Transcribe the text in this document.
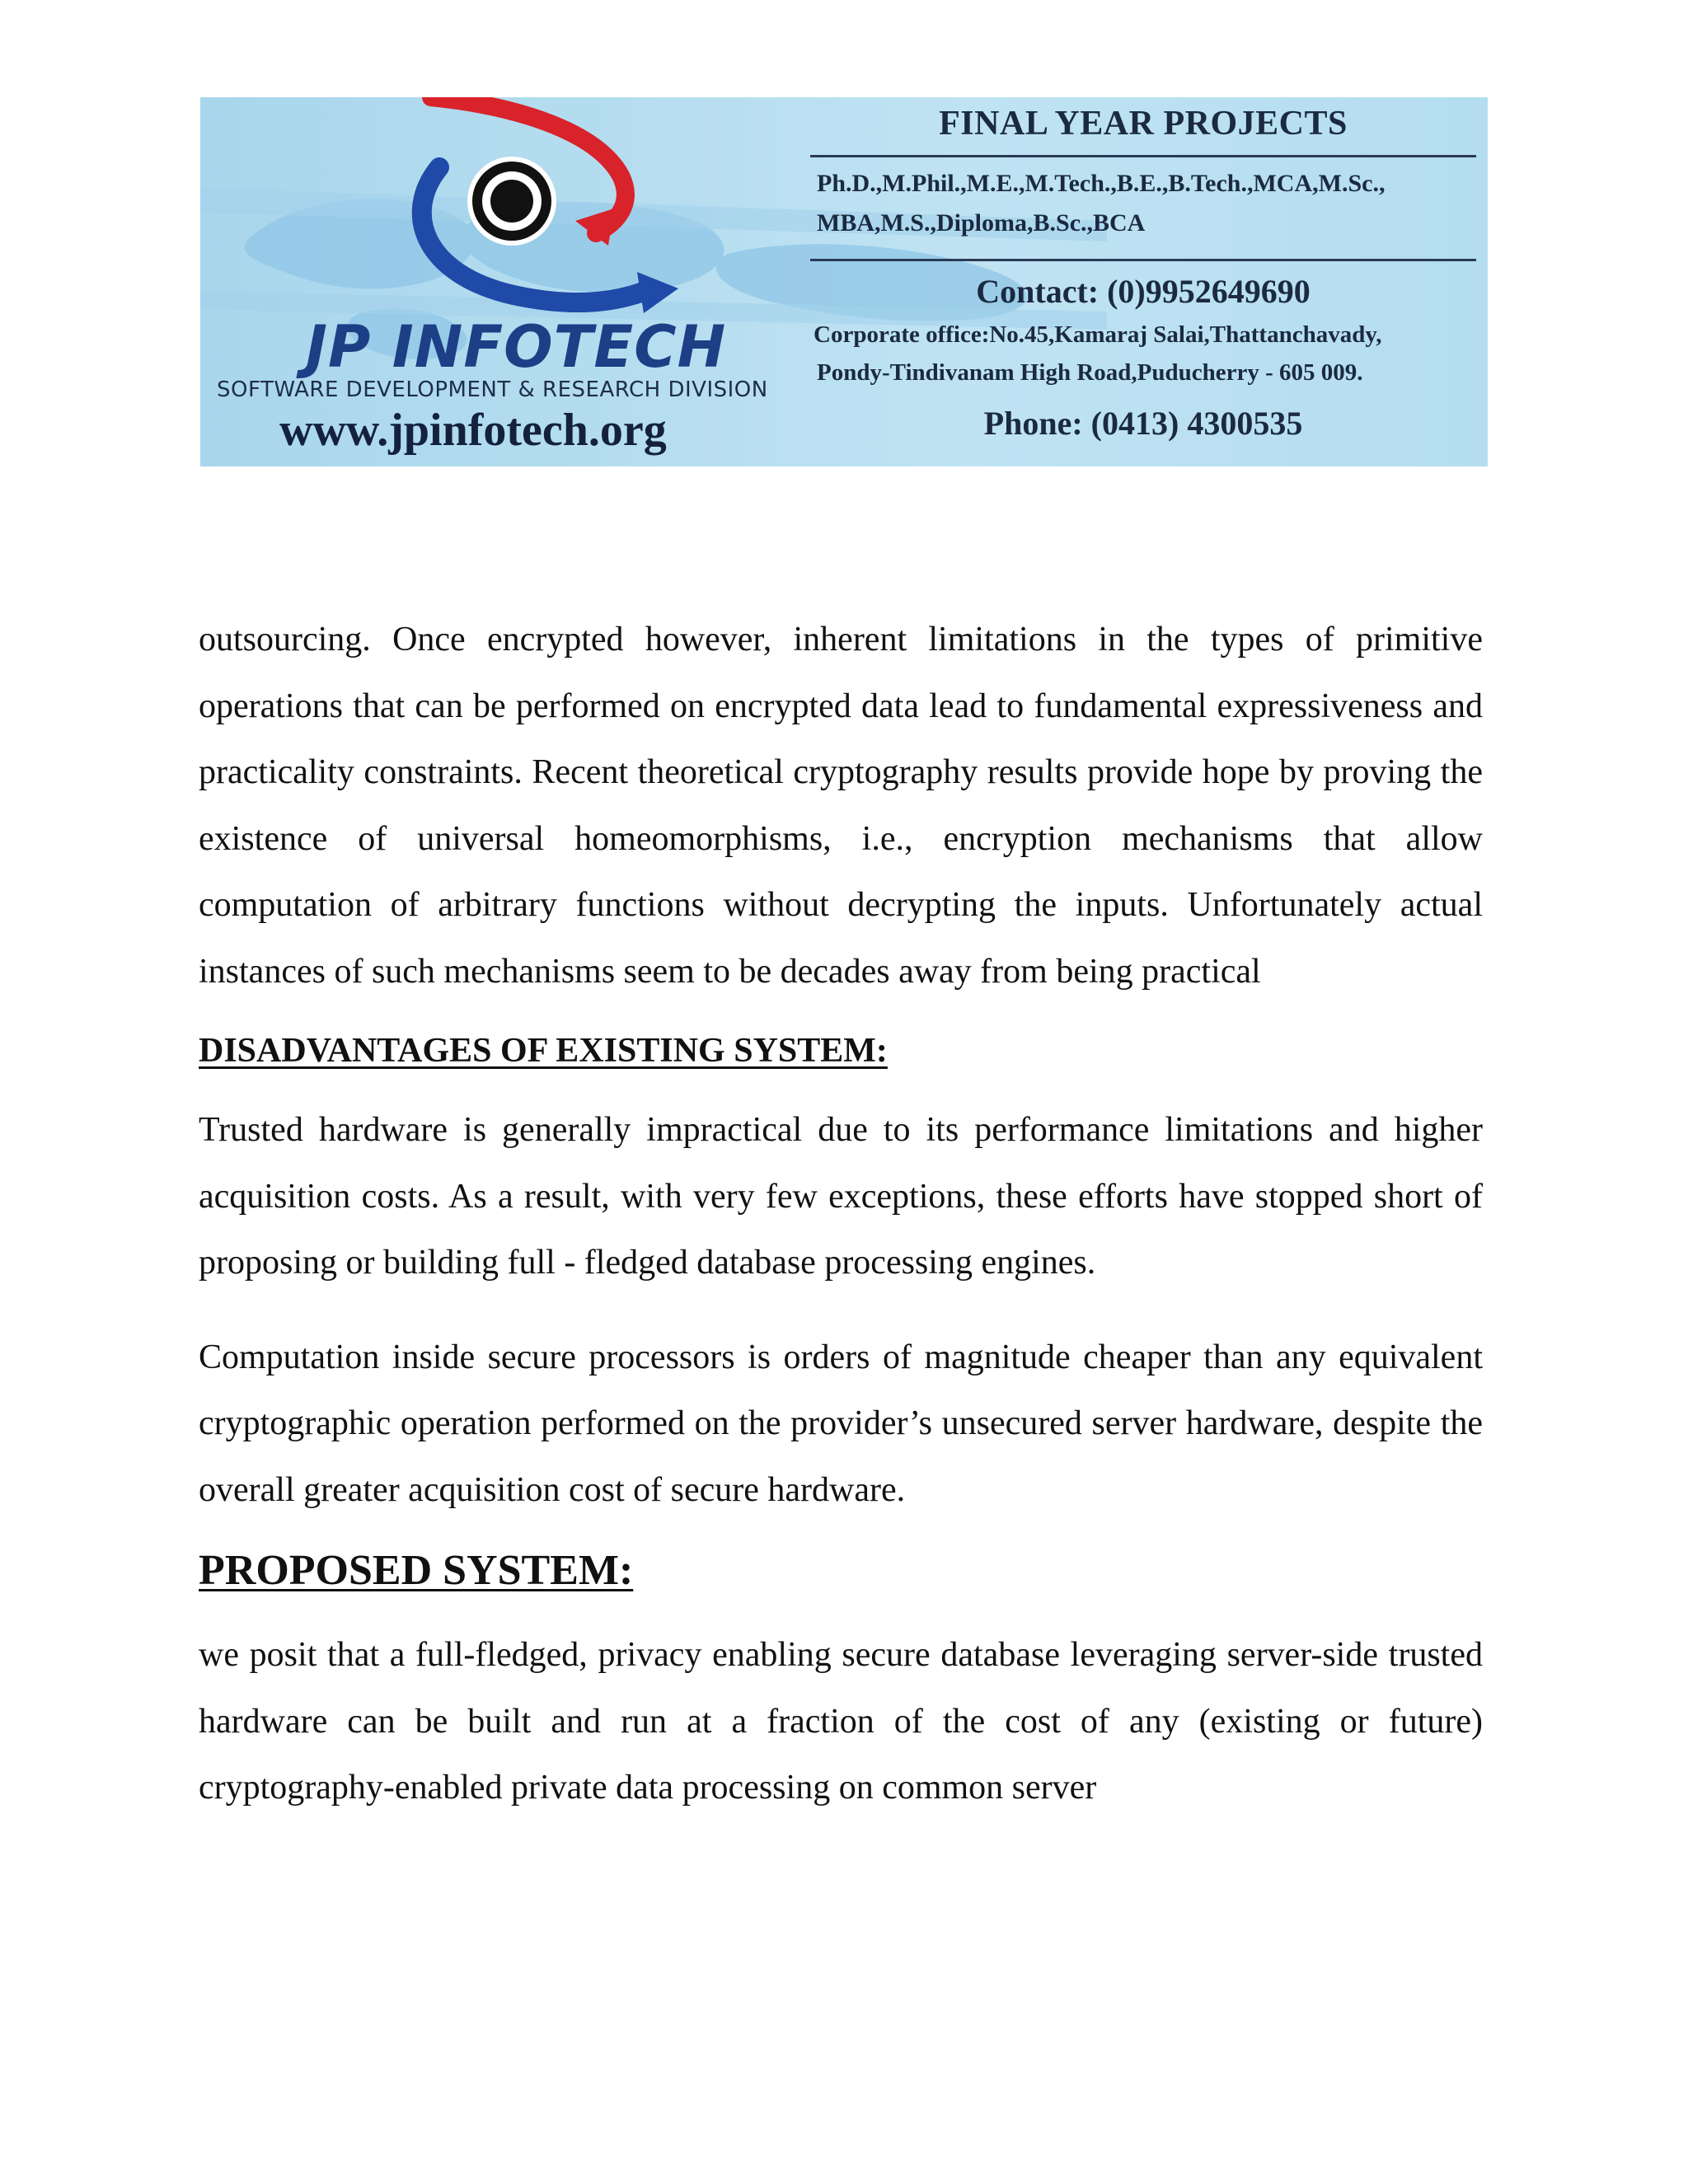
JP INFOTECH
SOFTWARE DEVELOPMENT & RESEARCH DIVISION
www.jpinfotech.org
FINAL YEAR PROJECTS
Ph.D.,M.Phil.,M.E.,M.Tech.,B.E.,B.Tech.,MCA,M.Sc.,
MBA,M.S.,Diploma,B.Sc.,BCA
Contact: (0)9952649690
Corporate office:No.45,Kamaraj Salai,Thattanchavady,
Pondy-Tindivanam High Road,Puducherry - 605 009.
Phone: (0413) 4300535

outsourcing. Once encrypted however, inherent limitations in the types of primitive operations that can be performed on encrypted data lead to fundamental expressiveness and practicality constraints. Recent theoretical cryptography results provide hope by proving the existence of universal homeomorphisms, i.e., encryption mechanisms that allow computation of arbitrary functions without decrypting the inputs. Unfortunately actual instances of such mechanisms seem to be decades away from being practical

DISADVANTAGES OF EXISTING SYSTEM:

Trusted hardware is generally impractical due to its performance limitations and higher acquisition costs. As a result, with very few exceptions, these efforts have stopped short of proposing or building full - fledged database processing engines.

Computation inside secure processors is orders of magnitude cheaper than any equivalent cryptographic operation performed on the provider’s unsecured server hardware, despite the overall greater acquisition cost of secure hardware.

PROPOSED SYSTEM:

we posit that a full-fledged, privacy enabling secure database leveraging server-side trusted hardware can be built and run at a fraction of the cost of any (existing or future) cryptography-enabled private data processing on common server
